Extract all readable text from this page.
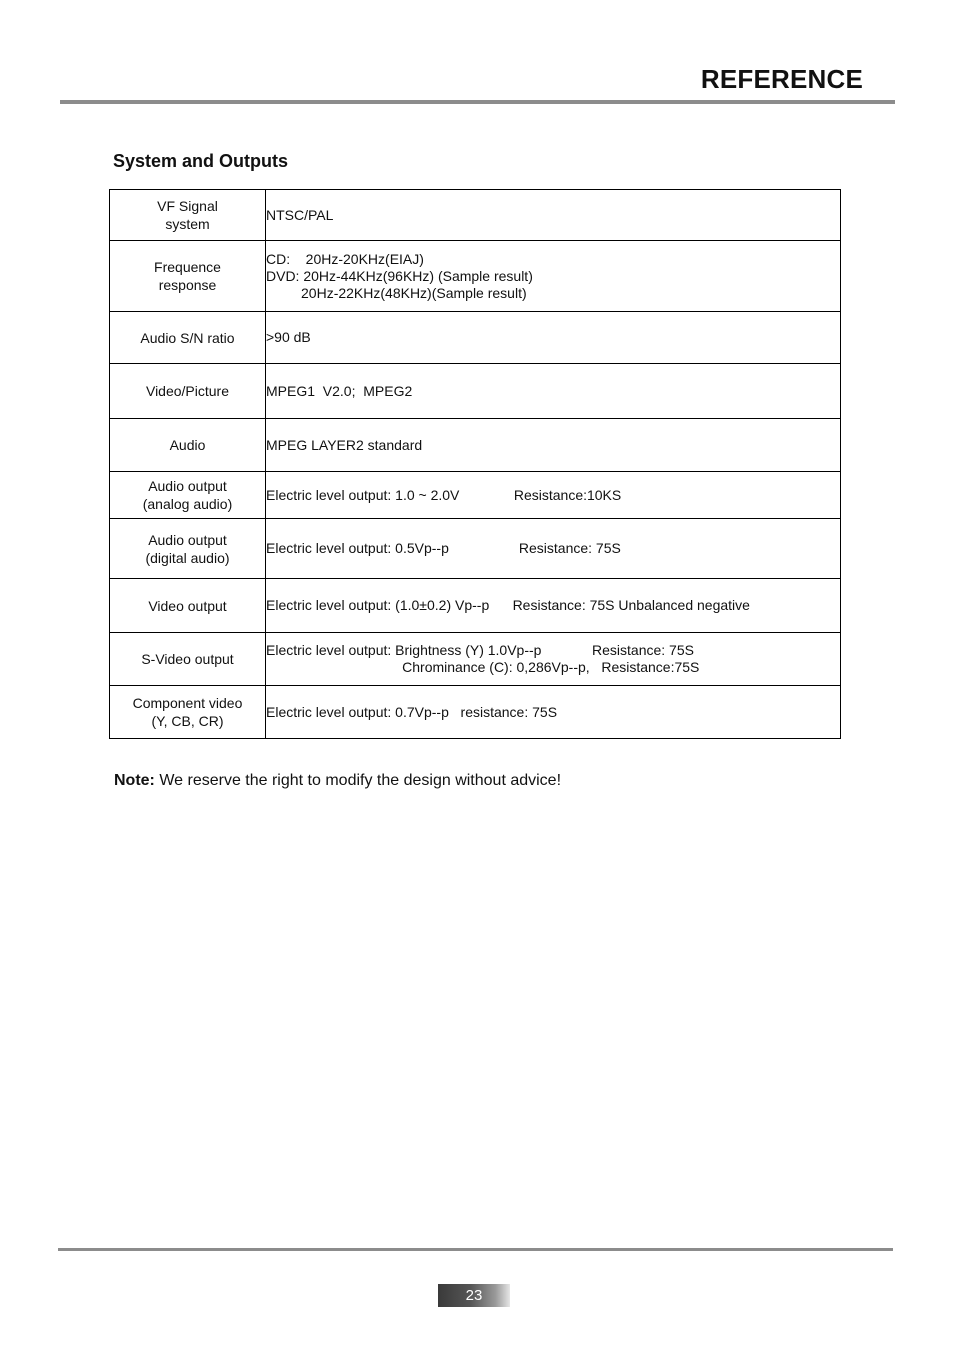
REFERENCE
System and Outputs
VF Signal
system	NTSC/PAL
Frequence
response	CD:    20Hz-20KHz(EIAJ)
DVD: 20Hz-44KHz(96KHz) (Sample result)
20Hz-22KHz(48KHz)(Sample result)
Audio S/N ratio	>90 dB
Video/Picture	MPEG1  V2.0;  MPEG2
Audio	MPEG LAYER2 standard
Audio output
(analog audio)	Electric level output: 1.0 ~ 2.0V              Resistance:10KS
Audio output
(digital audio)	Electric level output: 0.5Vp--p                  Resistance: 75S
Video output	Electric level output: (1.0±0.2) Vp--p      Resistance: 75S Unbalanced negative
S-Video output	Electric level output: Brightness (Y) 1.0Vp--p             Resistance: 75S
Chrominance (C): 0,286Vp--p,   Resistance:75S
Component video
(Y, CB, CR)	Electric level output: 0.7Vp--p   resistance: 75S
Note: We reserve the right to modify the design without advice!
23
